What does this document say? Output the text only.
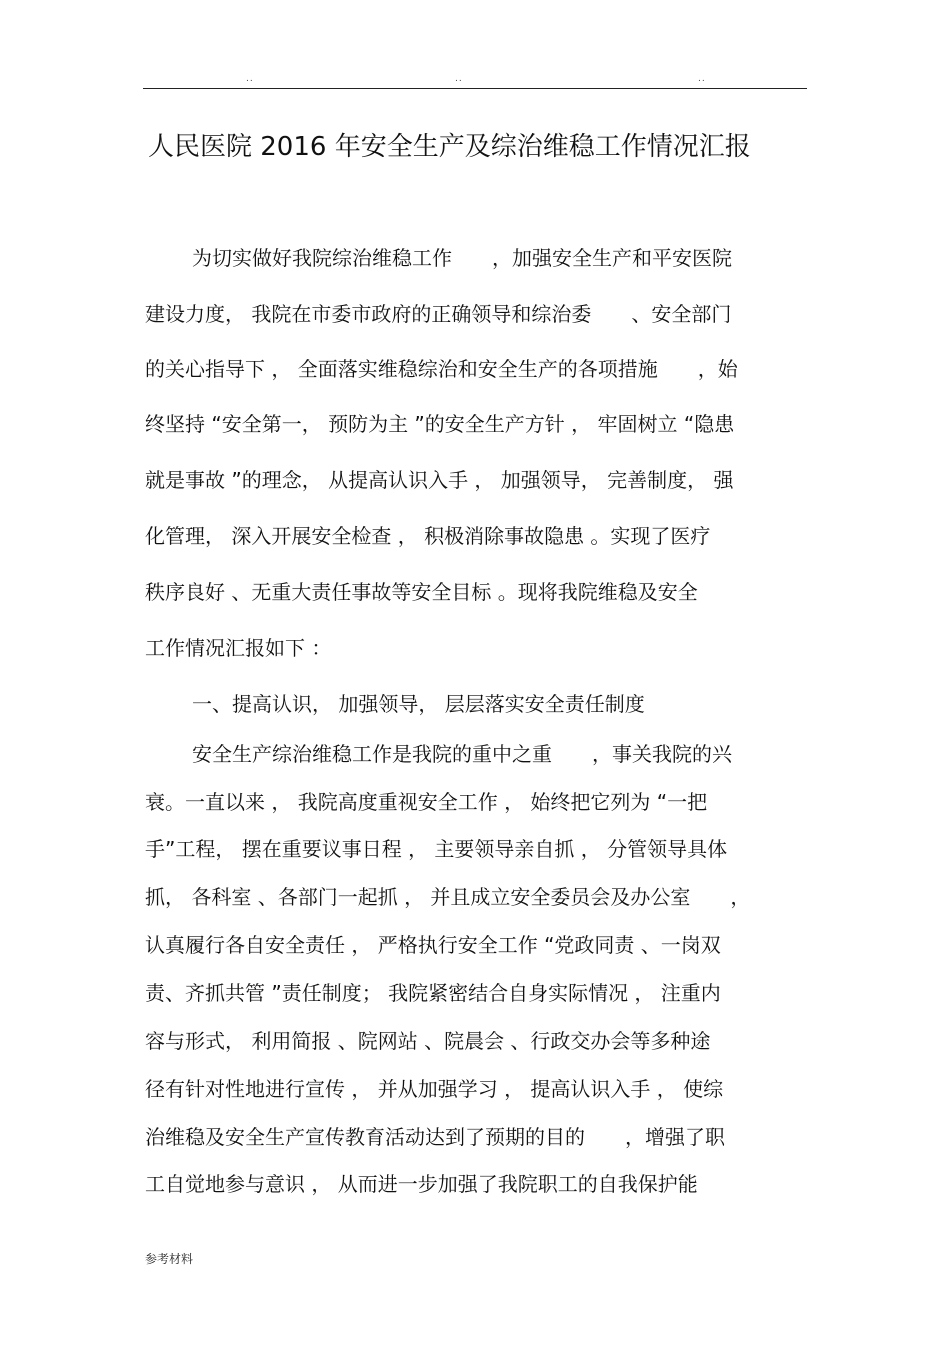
..	..	..
人民医院 2016 年安全生产及综治维稳工作情况汇报
为切实做好我院综治维稳工作　　，加强安全生产和平安医院
建设力度， 我院在市委市政府的正确领导和综治委　　、安全部门
的关心指导下 ， 全面落实维稳综治和安全生产的各项措施　　，始
终坚持 “安全第一， 预防为主 ”的安全生产方针 ， 牢固树立 “隐患
就是事故 ”的理念， 从提高认识入手 ， 加强领导， 完善制度， 强
化管理， 深入开展安全检查 ， 积极消除事故隐患 。实现了医疗
秩序良好 、无重大责任事故等安全目标 。现将我院维稳及安全
工作情况汇报如下 ：
一、提高认识， 加强领导， 层层落实安全责任制度
安全生产综治维稳工作是我院的重中之重　　，事关我院的兴
衰。一直以来 ， 我院高度重视安全工作 ， 始终把它列为 “一把
手”工程， 摆在重要议事日程 ， 主要领导亲自抓 ， 分管领导具体
抓， 各科室 、各部门一起抓 ， 并且成立安全委员会及办公室　　，
认真履行各自安全责任 ， 严格执行安全工作 “党政同责 、一岗双
责、齐抓共管 ”责任制度； 我院紧密结合自身实际情况 ， 注重内
容与形式， 利用简报 、院网站 、院晨会 、行政交办会等多种途
径有针对性地进行宣传 ， 并从加强学习 ， 提高认识入手 ， 使综
治维稳及安全生产宣传教育活动达到了预期的目的　　，增强了职
工自觉地参与意识 ， 从而进一步加强了我院职工的自我保护能
参考材料
